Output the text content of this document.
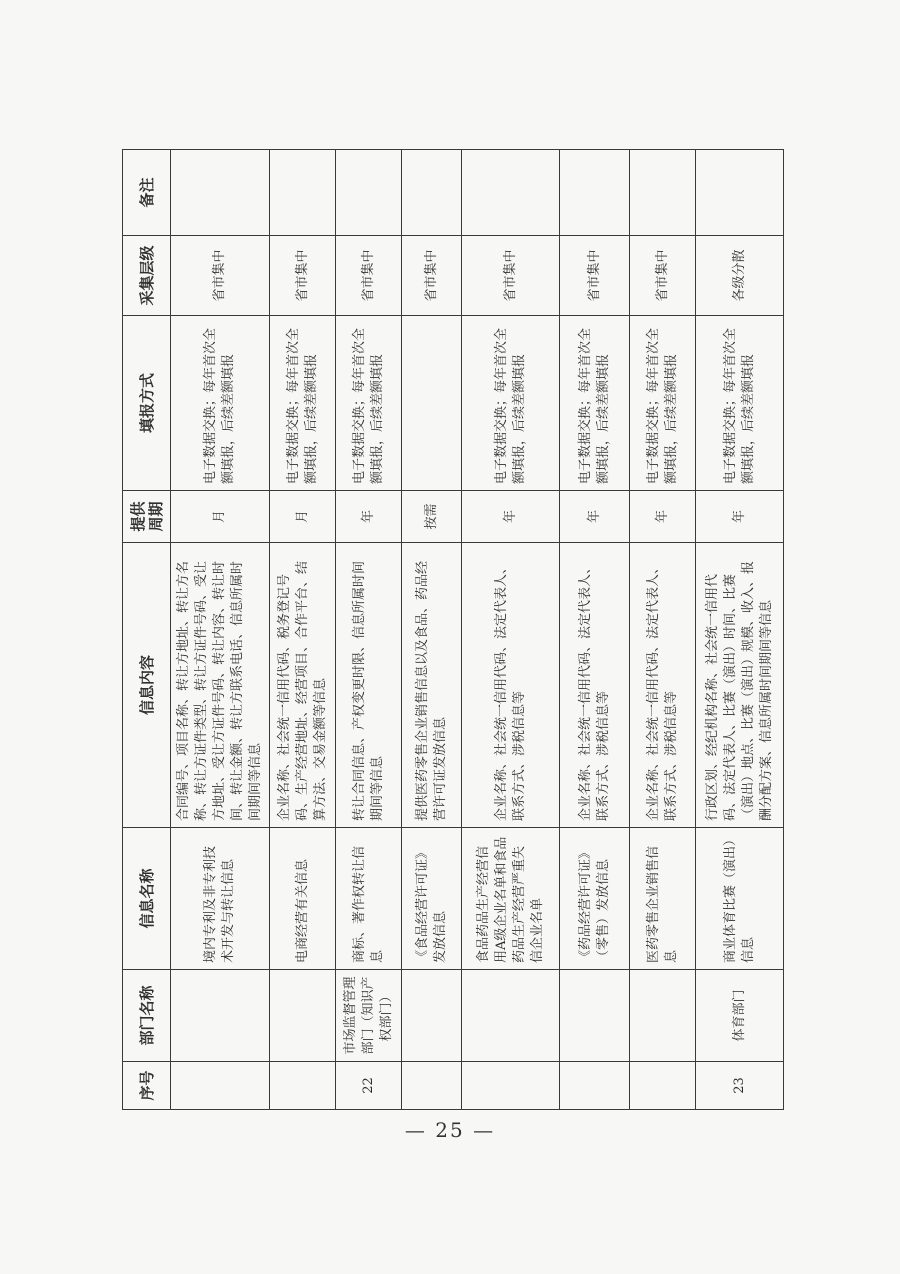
序号	部门名称	信息名称	信息内容	提供周期	填报方式	采集层级	备注
		境内专利及非专利技术开发与转让信息	合同编号、项目名称、转让方地址、转让方名称、转让方证件类型、转让方证件号码、受让方地址、受让方证件号码、转让内容、转让时间、转让金额、转让方联系电话、信息所属时间期间等信息	月	电子数据交换；每年首次全额填报，后续差额填报	省市集中	
		电商经营有关信息	企业名称、社会统一信用代码、税务登记号码、生产经营地址、经营项目、合作平台、结算方法、交易金额等信息	月	电子数据交换；每年首次全额填报，后续差额填报	省市集中	
22	市场监督管理部门（知识产权部门）	商标、著作权转让信息	转让合同信息、产权变更时限、信息所属时间期间等信息	年	电子数据交换；每年首次全额填报，后续差额填报	省市集中	
		《食品经营许可证》发放信息	提供医药零售企业销售信息以及食品、药品经营许可证发放信息	按需		省市集中	
		食品药品生产经营信用A级企业名单和食品药品生产经营严重失信企业名单	企业名称、社会统一信用代码、法定代表人、联系方式、涉税信息等	年	电子数据交换；每年首次全额填报，后续差额填报	省市集中	
		《药品经营许可证》（零售）发放信息	企业名称、社会统一信用代码、法定代表人、联系方式、涉税信息等	年	电子数据交换；每年首次全额填报，后续差额填报	省市集中	
		医药零售企业销售信息	企业名称、社会统一信用代码、法定代表人、联系方式、涉税信息等	年	电子数据交换；每年首次全额填报，后续差额填报	省市集中	
23	体育部门	商业体育比赛（演出）信息	行政区划、经纪机构名称、社会统一信用代码、法定代表人、比赛（演出）时间、比赛（演出）地点、比赛（演出）规模、收入、报酬分配方案、信息所属时间期间等信息	年	电子数据交换；每年首次全额填报，后续差额填报	各级分散	
— 25 —
